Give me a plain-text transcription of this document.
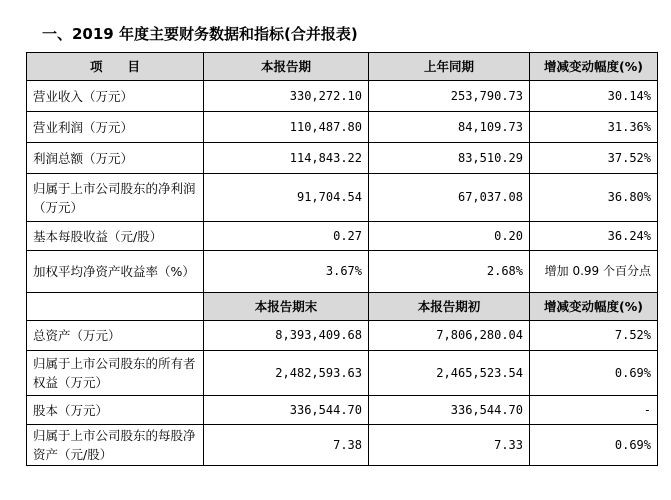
一、2019 年度主要财务数据和指标(合并报表)
项　　目	本报告期	上年同期	增减变动幅度(%)
营业收入（万元）	330,272.10	253,790.73	30.14%
营业利润（万元）	110,487.80	84,109.73	31.36%
利润总额（万元）	114,843.22	83,510.29	37.52%
归属于上市公司股东的净利润（万元）	91,704.54	67,037.08	36.80%
基本每股收益（元/股）	0.27	0.20	36.24%
加权平均净资产收益率（%）	3.67%	2.68%	增加 0.99 个百分点
	本报告期末	本报告期初	增减变动幅度(%)
总资产（万元）	8,393,409.68	7,806,280.04	7.52%
归属于上市公司股东的所有者权益（万元）	2,482,593.63	2,465,523.54	0.69%
股本（万元）	336,544.70	336,544.70	-
归属于上市公司股东的每股净资产（元/股）	7.38	7.33	0.69%
